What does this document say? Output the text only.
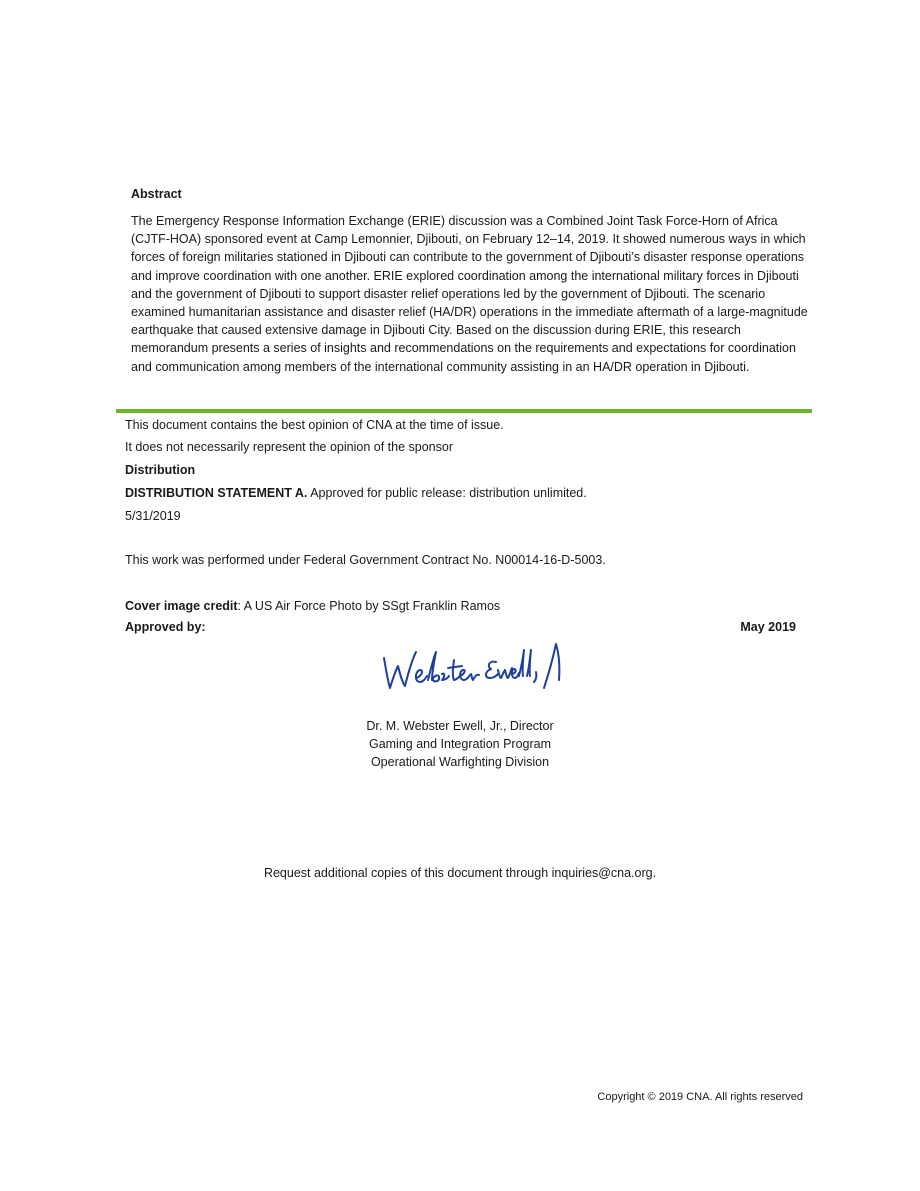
Abstract
The Emergency Response Information Exchange (ERIE) discussion was a Combined Joint Task Force-Horn of Africa (CJTF-HOA) sponsored event at Camp Lemonnier, Djibouti, on February 12–14, 2019. It showed numerous ways in which forces of foreign militaries stationed in Djibouti can contribute to the government of Djibouti’s disaster response operations and improve coordination with one another. ERIE explored coordination among the international military forces in Djibouti and the government of Djibouti to support disaster relief operations led by the government of Djibouti. The scenario examined humanitarian assistance and disaster relief (HA/DR) operations in the immediate aftermath of a large-magnitude earthquake that caused extensive damage in Djibouti City. Based on the discussion during ERIE, this research memorandum presents a series of insights and recommendations on the requirements and expectations for coordination and communication among members of the international community assisting in an HA/DR operation in Djibouti.
This document contains the best opinion of CNA at the time of issue.
It does not necessarily represent the opinion of the sponsor
Distribution
DISTRIBUTION STATEMENT A. Approved for public release: distribution unlimited.
5/31/2019
This work was performed under Federal Government Contract No. N00014-16-D-5003.
Cover image credit: A US Air Force Photo by SSgt Franklin Ramos
Approved by:	May 2019
Dr. M. Webster Ewell, Jr., Director
Gaming and Integration Program
Operational Warfighting Division
Request additional copies of this document through inquiries@cna.org.
Copyright © 2019 CNA. All rights reserved
